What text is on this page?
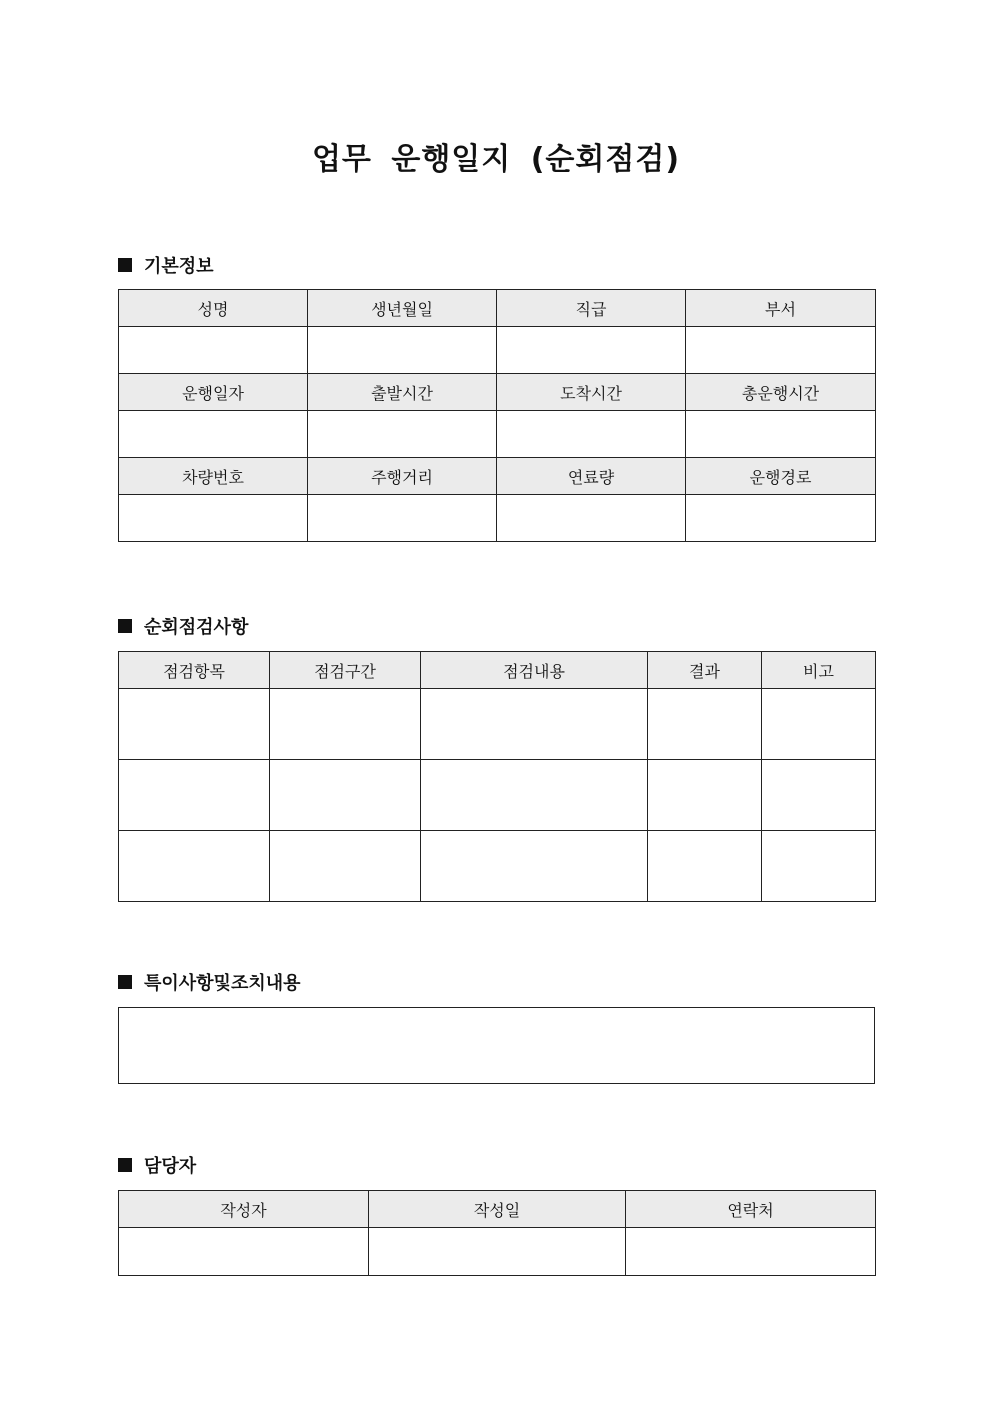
업무 운행일지 (순회점검)
기본정보
성명	생년월일	직급	부서

운행일자	출발시간	도착시간	총운행시간

차량번호	주행거리	연료량	운행경로

순회점검사항
점검항목	점검구간	점검내용	결과	비고

특이사항및조치내용
담당자
작성자	작성일	연락처
